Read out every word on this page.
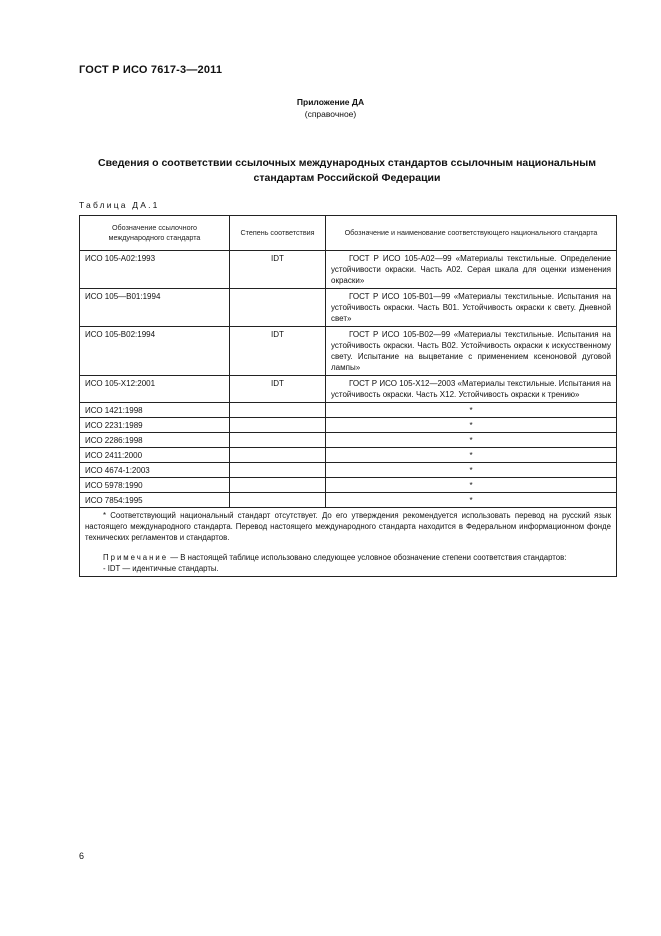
ГОСТ Р ИСО 7617-3—2011
Приложение ДА
(справочное)
Сведения о соответствии ссылочных международных стандартов ссылочным национальным
стандартам Российской Федерации
Таблица ДА.1
Обозначение ссылочного международного стандарта	Степень соответствия	Обозначение и наименование соответствующего национального стандарта
ИСО 105-А02:1993	IDT	ГОСТ Р ИСО 105-А02—99 «Материалы текстильные. Определение устойчивости окраски. Часть А02. Серая шкала для оценки изменения окраски»
ИСО 105—В01:1994		ГОСТ Р ИСО 105-В01—99 «Материалы текстильные. Испытания на устойчивость окраски. Часть В01. Устойчивость окраски к свету. Дневной свет»
ИСО 105-В02:1994	IDT	ГОСТ Р ИСО 105-В02—99 «Материалы текстильные. Испытания на устойчивость окраски. Часть В02. Устойчивость окраски к искусственному свету. Испытание на выцветание с применением ксеноновой дуговой лампы»
ИСО 105-Х12:2001	IDT	ГОСТ Р ИСО 105-Х12—2003 «Материалы текстильные. Испытания на устойчивость окраски. Часть Х12. Устойчивость окраски к трению»
ИСО 1421:1998		*
ИСО 2231:1989		*
ИСО 2286:1998		*
ИСО 2411:2000		*
ИСО 4674-1:2003		*
ИСО 5978:1990		*
ИСО 7854:1995		*

* Соответствующий национальный стандарт отсутствует. До его утверждения рекомендуется использовать перевод на русский язык настоящего международного стандарта. Перевод настоящего международного стандарта находится в Федеральном информационном фонде технических регламентов и стандартов.

Примечание — В настоящей таблице использовано следующее условное обозначение степени соответствия стандартов:

- IDT — идентичные стандарты.		
6
